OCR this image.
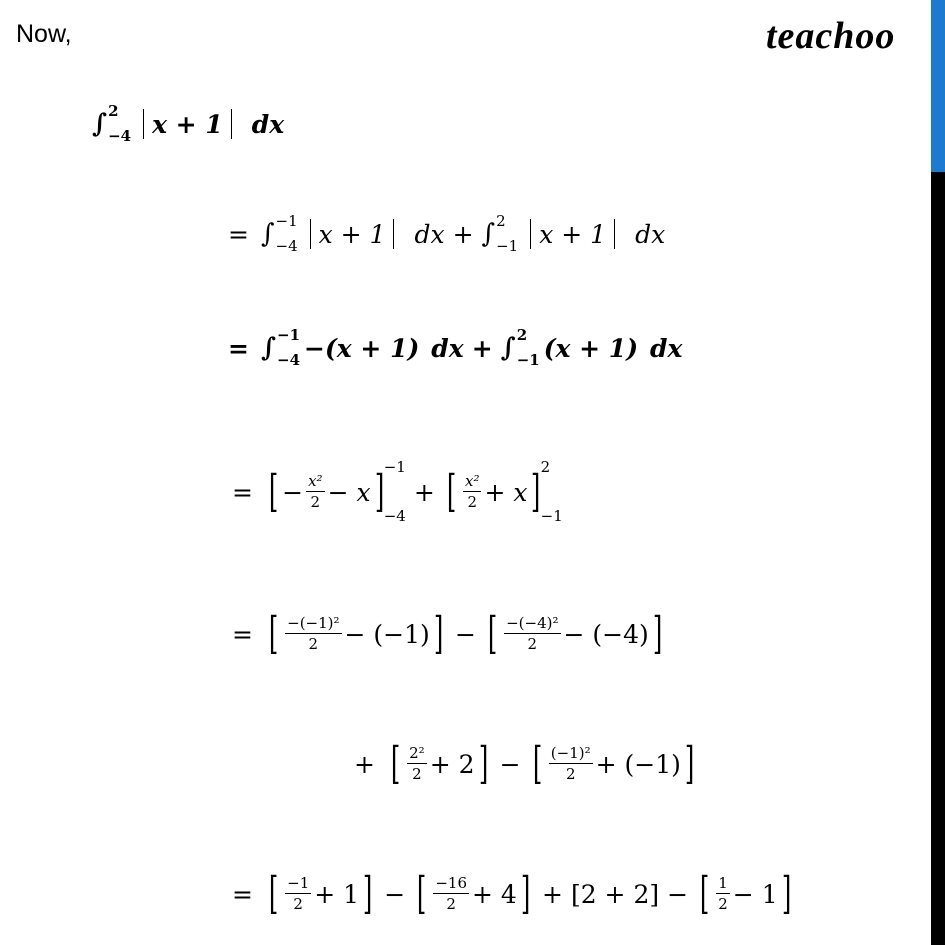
Now,	teachoo
∫ 2
−4 x + 1 dx
= ∫ −1
−4 x + 1 dx + ∫ 2
−1 x + 1 dx
= ∫ −1
−4 −(x + 1) dx + ∫ 2
−1 (x + 1) dx
= [ − $\frac{\text{x²}}{2} - x$ ] −1
−4
+ [ $\frac{\text{x²}}{2} + x$ ] 2
−1
= [ $\frac{\text{−(−1)²}}{2} - (-1)$ ] − [ $\frac{\text{−(−4)²}}{2} - (-4)$ ]
+ [ $\frac{\text{2²}}{2} + 2$ ] − [ $\frac{\text{(−1)²}}{2} + (-1)$ ]
= [ $\frac{-1}{2} + 1$ ] − [ $\frac{-16}{2} + 4$ ] + [2 + 2] − [ $\frac{1}{2} - 1$ ]
